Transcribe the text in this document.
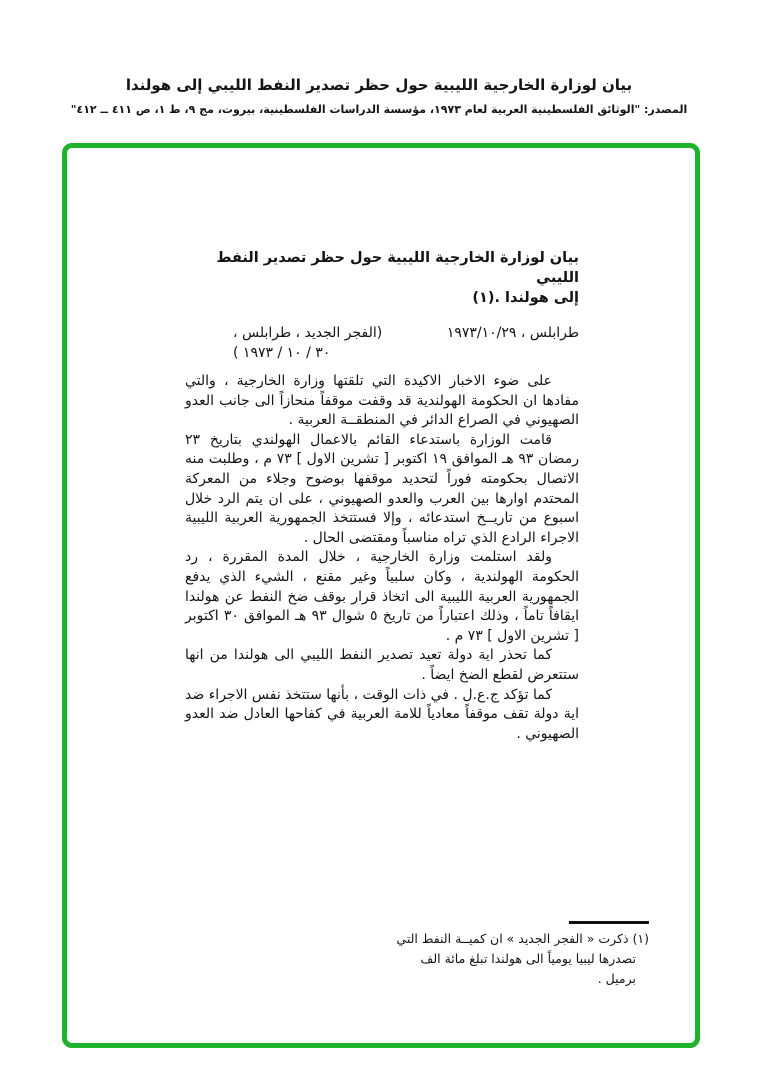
بيان لوزارة الخارجية الليبية حول حظر تصدير النفط الليبي إلى هولندا
المصدر: "الوثائق الفلسطينية العربية لعام ١٩٧٣، مؤسسة الدراسات الفلسطينية، بيروت، مج ٩، ط ١، ص ٤١١ ــ ٤١٢"
بيان لوزارة الخارجية الليبية حول حظر تصدير النفط الليبي
إلى هولندا .(١)
طرابلس ، ١٩٧٣/١٠/٢٩
(الفجر الجديد ، طرابلس ،
٣٠ / ١٠ / ١٩٧٣ )

على ضوء الاخبار الاكيدة التي تلقتها وزارة الخارجية ، والتي مفادها ان الحكومة الهولندية قد وقفت موقفاً منحازاً الى جانب العدو الصهيوني في الصراع الدائر في المنطقــة العربية .

قامت الوزارة باستدعاء القائم بالاعمال الهولندي بتاريخ ٢٣ رمضان ٩٣ هـ الموافق ١٩ اكتوبر [ تشرين الاول ] ٧٣ م ، وطلبت منه الاتصال بحكومته فوراً لتحديد موقفها بوضوح وجلاء من المعركة المحتدم اوارها بين العرب والعدو الصهيوني ، على ان يتم الرد خلال اسبوع من تاريــخ استدعائه ، وإلا فستتخذ الجمهورية العربية الليبية الاجراء الرادع الذي تراه مناسباً ومقتضى الحال .

ولقد استلمت وزارة الخارجية ، خلال المدة المقررة ، رد الحكومة الهولندية ، وكان سلبياً وغير مقنع ، الشيء الذي يدفع الجمهورية العربية الليبية الى اتخاذ قرار بوقف ضخ النفط عن هولندا ايقافاً تاماً ، وذلك اعتباراً من تاريخ ٥ شوال ٩٣ هـ الموافق ٣٠ اكتوبر [ تشرين الاول ] ٧٣ م .

كما تحذر اية دولة تعيد تصدير النفط الليبي الى هولندا من انها ستتعرض لقطع الضخ ايضاً .

كما تؤكد ج.ع.ل . في ذات الوقت ، بأنها ستتخذ نفس الاجراء ضد اية دولة تقف موقفاً معادياً للامة العربية في كفاحها العادل ضد العدو الصهيوني .

(١) ذكرت « الفجر الجديد » ان كميــة النفط التي
تصدرها ليبيا يومياً الى هولندا تبلغ مائة الف برميل .
